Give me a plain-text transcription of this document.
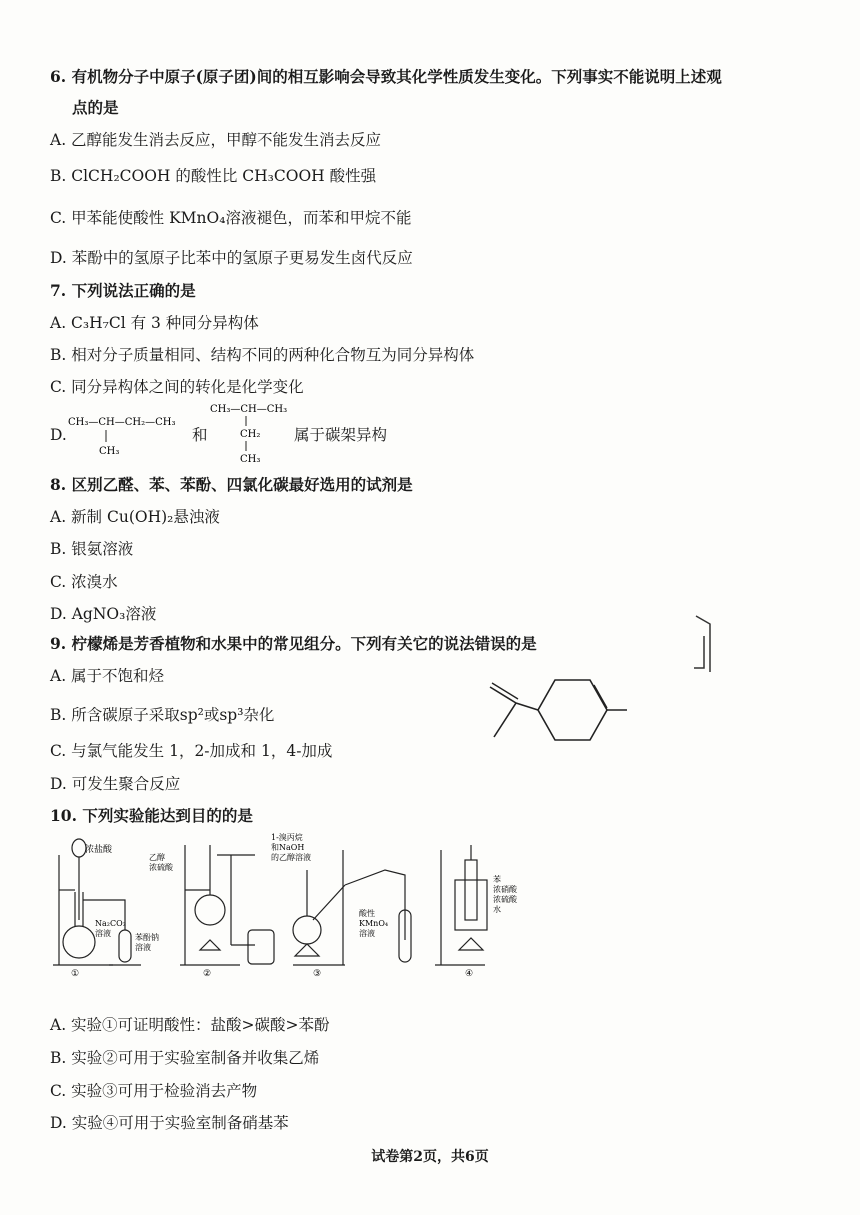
6. 有机物分子中原子(原子团)间的相互影响会导致其化学性质发生变化。下列事实不能说明上述观
点的是
A. 乙醇能发生消去反应，甲醇不能发生消去反应
B. ClCH₂COOH 的酸性比 CH₃COOH 酸性强
C. 甲苯能使酸性 KMnO₄溶液褪色，而苯和甲烷不能
D. 苯酚中的氢原子比苯中的氢原子更易发生卤代反应
7. 下列说法正确的是
A. C₃H₇Cl 有 3 种同分异构体
B. 相对分子质量相同、结构不同的两种化合物互为同分异构体
C. 同分异构体之间的转化是化学变化
D.
CH₃—CH—CH₂—CH₃
CH₃
和
CH₃—CH—CH₃
CH₂
CH₃
属于碳架异构
8. 区别乙醛、苯、苯酚、四氯化碳最好选用的试剂是
A. 新制 Cu(OH)₂悬浊液
B. 银氨溶液
C. 浓溴水
D. AgNO₃溶液
9. 柠檬烯是芳香植物和水果中的常见组分。下列有关它的说法错误的是
A. 属于不饱和烃
B. 所含碳原子采取sp²或sp³杂化
C. 与氯气能发生 1，2-加成和 1，4-加成
D. 可发生聚合反应
10. 下列实验能达到目的的是
浓盐酸
Na₂CO₃
溶液	苯酚钠
溶液
乙醇
浓硫酸
1-溴丙烷
和NaOH
的乙醇溶液
酸性
KMnO₄
溶液
苯
浓硝酸
浓硫酸
水
①	②	③	④
A. 实验①可证明酸性：盐酸>碳酸>苯酚
B. 实验②可用于实验室制备并收集乙烯
C. 实验③可用于检验消去产物
D. 实验④可用于实验室制备硝基苯
试卷第2页，共6页
